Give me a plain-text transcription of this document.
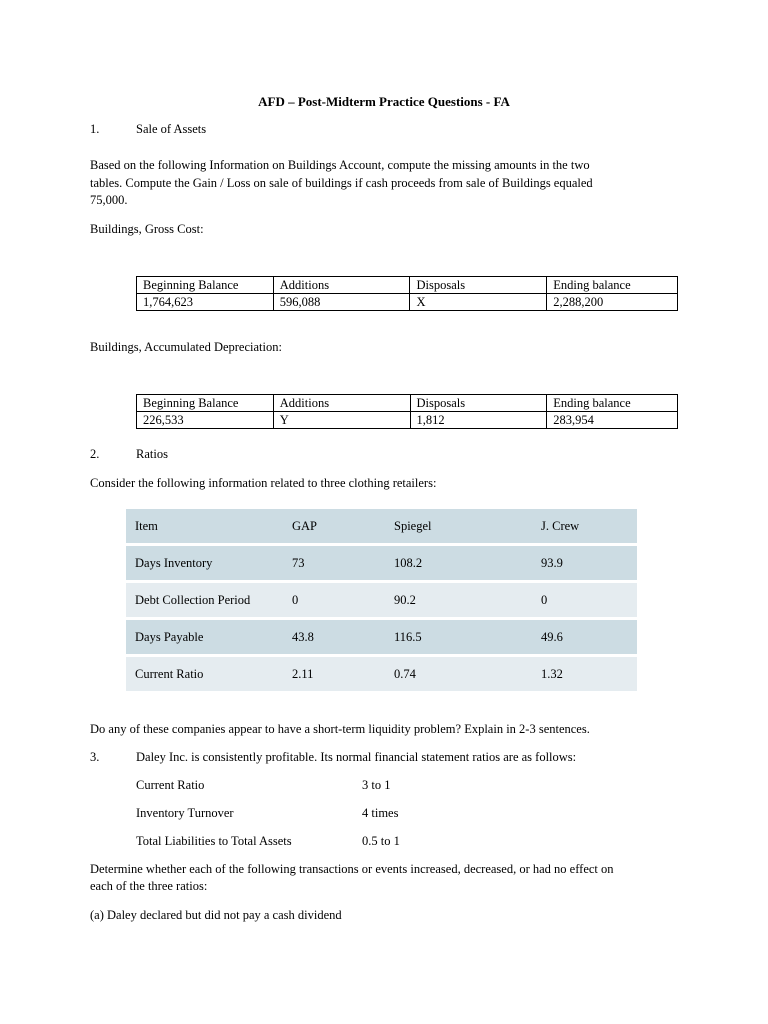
AFD – Post-Midterm Practice Questions - FA
1.	Sale of Assets
Based on the following Information on Buildings Account, compute the missing amounts in the two
tables. Compute the Gain / Loss on sale of buildings if cash proceeds from sale of Buildings equaled
75,000.
Buildings, Gross Cost:
Beginning Balance	Additions	Disposals	Ending balance
1,764,623	596,088	X	2,288,200
Buildings, Accumulated Depreciation:
Beginning Balance	Additions	Disposals	Ending balance
226,533	Y	1,812	283,954
2.	Ratios
Consider the following information related to three clothing retailers:
Item	GAP	Spiegel	J. Crew
Days Inventory	73	108.2	93.9
Debt Collection Period	0	90.2	0
Days Payable	43.8	116.5	49.6
Current Ratio	2.11	0.74	1.32
Do any of these companies appear to have a short-term liquidity problem? Explain in 2-3 sentences.
3.	Daley Inc. is consistently profitable. Its normal financial statement ratios are as follows:
Current Ratio	3 to 1
Inventory Turnover	4 times
Total Liabilities to Total Assets	0.5 to 1
Determine whether each of the following transactions or events increased, decreased, or had no effect on
each of the three ratios:
(a) Daley declared but did not pay a cash dividend
